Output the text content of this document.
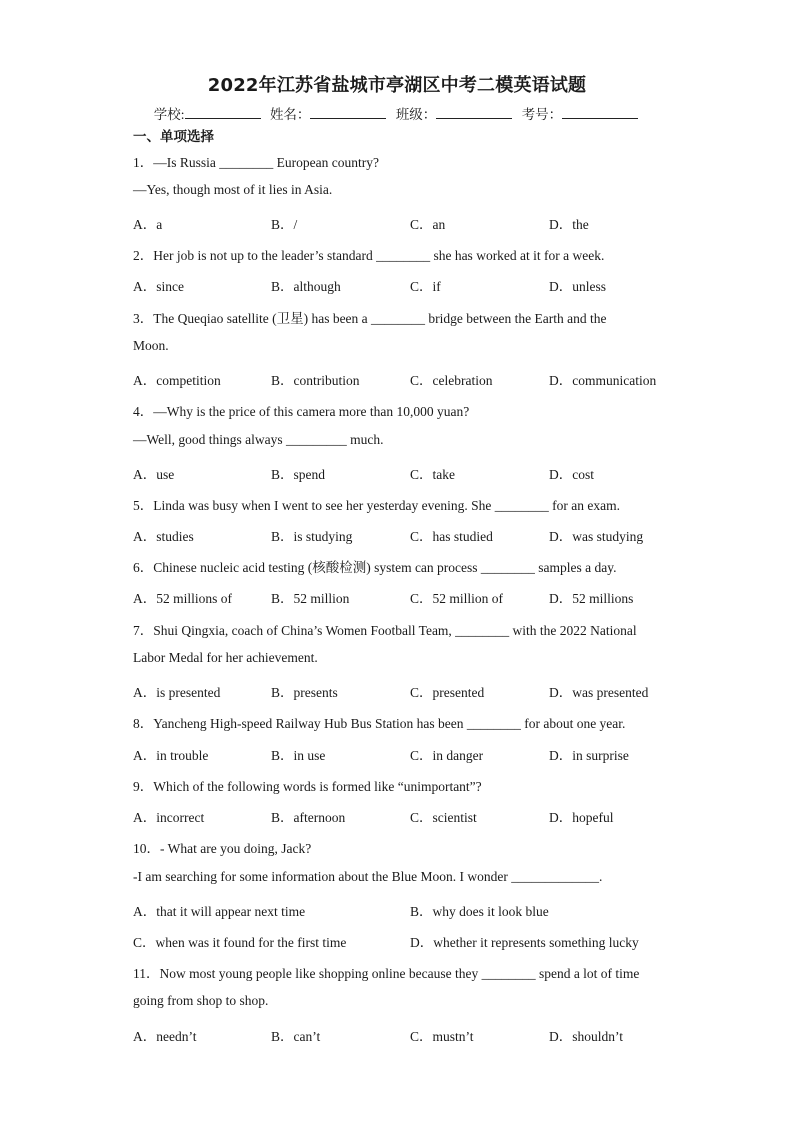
2022年江苏省盐城市亭湖区中考二模英语试题
学校:	姓名：	班级：	考号：
一、单项选择
1．—Is Russia ________ European country?
—Yes, though most of it lies in Asia.
A．a	B．/	C．an	D．the
2．Her job is not up to the leader’s standard ________ she has worked at it for a week.
A．since	B．although	C．if	D．unless
3．The Queqiao satellite (卫星) has been a ________ bridge between the Earth and the
Moon.
A．competition	B．contribution	C．celebration	D．communication
4．—Why is the price of this camera more than 10,000 yuan?
—Well, good things always _________ much.
A．use	B．spend	C．take	D．cost
5．Linda was busy when I went to see her yesterday evening. She ________ for an exam.
A．studies	B．is studying	C．has studied	D．was studying
6．Chinese nucleic acid testing (核酸检测) system can process ________ samples a day.
A．52 millions of	B．52 million	C．52 million of	D．52 millions
7．Shui Qingxia, coach of China’s Women Football Team, ________ with the 2022 National
Labor Medal for her achievement.
A．is presented	B．presents	C．presented	D．was presented
8．Yancheng High-speed Railway Hub Bus Station has been ________ for about one year.
A．in trouble	B．in use	C．in danger	D．in surprise
9．Which of the following words is formed like “unimportant”?
A．incorrect	B．afternoon	C．scientist	D．hopeful
10．- What are you doing, Jack?
-I am searching for some information about the Blue Moon. I wonder _____________.
A．that it will appear next time	B．why does it look blue
C．when was it found for the first time	D．whether it represents something lucky
11．Now most young people like shopping online because they ________ spend a lot of time
going from shop to shop.
A．needn’t	B．can’t	C．mustn’t	D．shouldn’t
